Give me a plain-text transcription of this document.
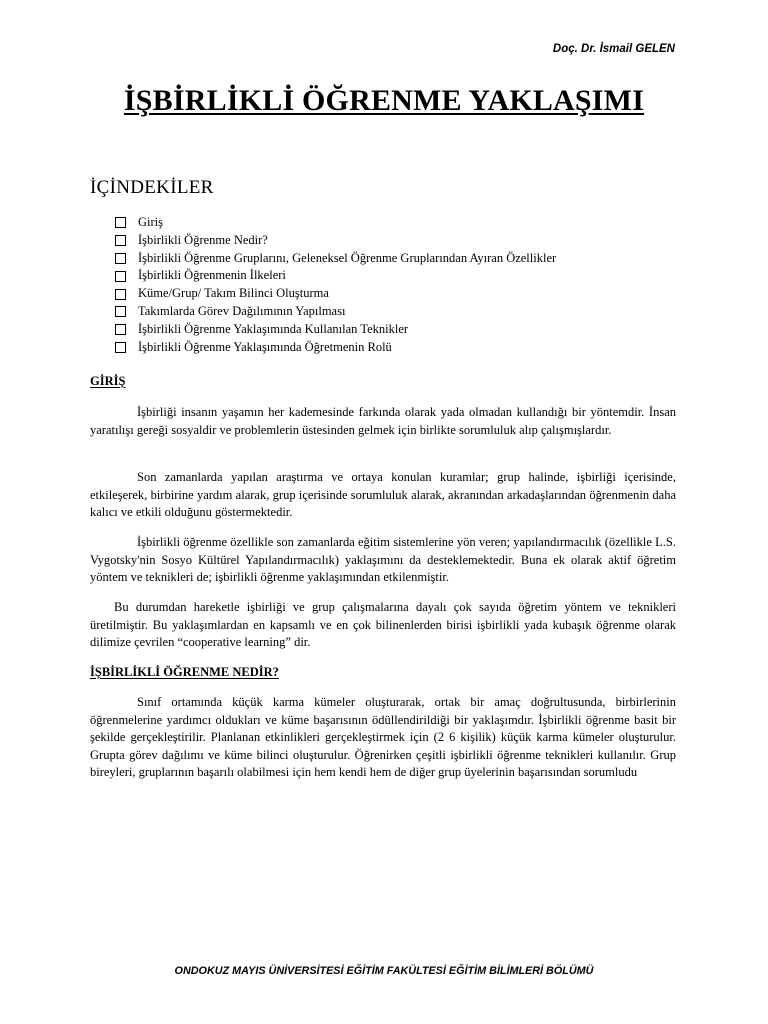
Doç. Dr. İsmail GELEN
İŞBİRLİKLİ ÖĞRENME YAKLAŞIMI
İÇİNDEKİLER
Giriş
İşbirlikli Öğrenme Nedir?
İşbirlikli Öğrenme Gruplarını, Geleneksel Öğrenme Gruplarından Ayıran Özellikler
İşbirlikli Öğrenmenin İlkeleri
Küme/Grup/ Takım Bilinci Oluşturma
Takımlarda Görev Dağılımının Yapılması
İşbirlikli Öğrenme Yaklaşımında Kullanılan Teknikler
İşbirlikli Öğrenme Yaklaşımında Öğretmenin Rolü
GİRİŞ

İşbirliği insanın yaşamın her kademesinde farkında olarak yada olmadan kullandığı bir yöntemdir. İnsan yaratılışı gereği sosyaldir ve problemlerin üstesinden gelmek için birlikte sorumluluk alıp çalışmışlardır.

Son zamanlarda yapılan araştırma ve ortaya konulan kuramlar; grup halinde, işbirliği içerisinde, etkileşerek, birbirine yardım alarak, grup içerisinde sorumluluk alarak, akranından arkadaşlarından öğrenmenin daha kalıcı ve etkili olduğunu göstermektedir.

İşbirlikli öğrenme özellikle son zamanlarda eğitim sistemlerine yön veren; yapılandırmacılık (özellikle L.S. Vygotsky'nin Sosyo Kültürel Yapılandırmacılık) yaklaşımını da desteklemektedir. Buna ek olarak aktif öğretim yöntem ve teknikleri de; işbirlikli öğrenme yaklaşımından etkilenmiştir.

Bu durumdan hareketle işbirliği ve grup çalışmalarına dayalı çok sayıda öğretim yöntem ve teknikleri üretilmiştir. Bu yaklaşımlardan en kapsamlı ve en çok bilinenlerden birisi işbirlikli yada kubaşık öğrenme olarak dilimize çevrilen “cooperative learning” dir.

İŞBİRLİKLİ ÖĞRENME NEDİR?

Sınıf ortamında küçük karma kümeler oluşturarak, ortak bir amaç doğrultusunda, birbirlerinin öğrenmelerine yardımcı oldukları ve küme başarısının ödüllendirildiği bir yaklaşımdır. İşbirlikli öğrenme basit bir şekilde gerçekleştirilir. Planlanan etkinlikleri gerçekleştirmek için (2 6 kişilik) küçük karma kümeler oluşturulur. Grupta görev dağılımı ve küme bilinci oluşturulur. Öğrenirken çeşitli işbirlikli öğrenme teknikleri kullanılır. Grup bireyleri, gruplarının başarılı olabilmesi için hem kendi hem de diğer grup üyelerinin başarısından sorumludu

ONDOKUZ MAYIS ÜNİVERSİTESİ EĞİTİM FAKÜLTESİ EĞİTİM BİLİMLERİ BÖLÜMÜ
